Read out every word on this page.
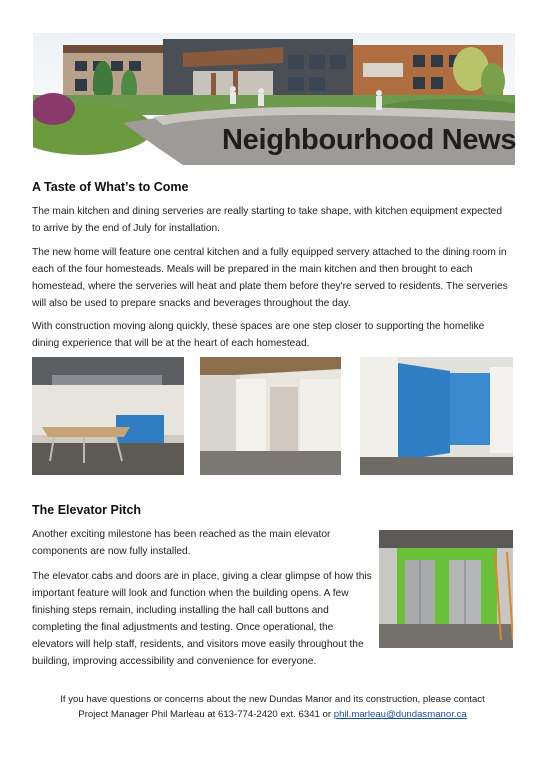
Neighbourhood News
A Taste of What’s to Come

The main kitchen and dining serveries are really starting to take shape, with kitchen equipment expected to arrive by the end of July for installation.

The new home will feature one central kitchen and a fully equipped servery attached to the dining room in each of the four homesteads. Meals will be prepared in the main kitchen and then brought to each homestead, where the serveries will heat and plate them before they're served to residents. The serveries will also be used to prepare snacks and beverages throughout the day.

With construction moving along quickly, these spaces are one step closer to supporting the homelike dining experience that will be at the heart of each homestead.

The Elevator Pitch

Another exciting milestone has been reached as the main elevator components are now fully installed.

The elevator cabs and doors are in place, giving a clear glimpse of how this important feature will look and function when the building opens. A few finishing steps remain, including installing the hall call buttons and completing the final adjustments and testing. Once operational, the elevators will help staff, residents, and visitors move easily throughout the building, improving accessibility and convenience for everyone.

If you have questions or concerns about the new Dundas Manor and its construction, please contact
Project Manager Phil Marleau at 613-774-2420 ext. 6341 or phil.marleau@dundasmanor.ca
